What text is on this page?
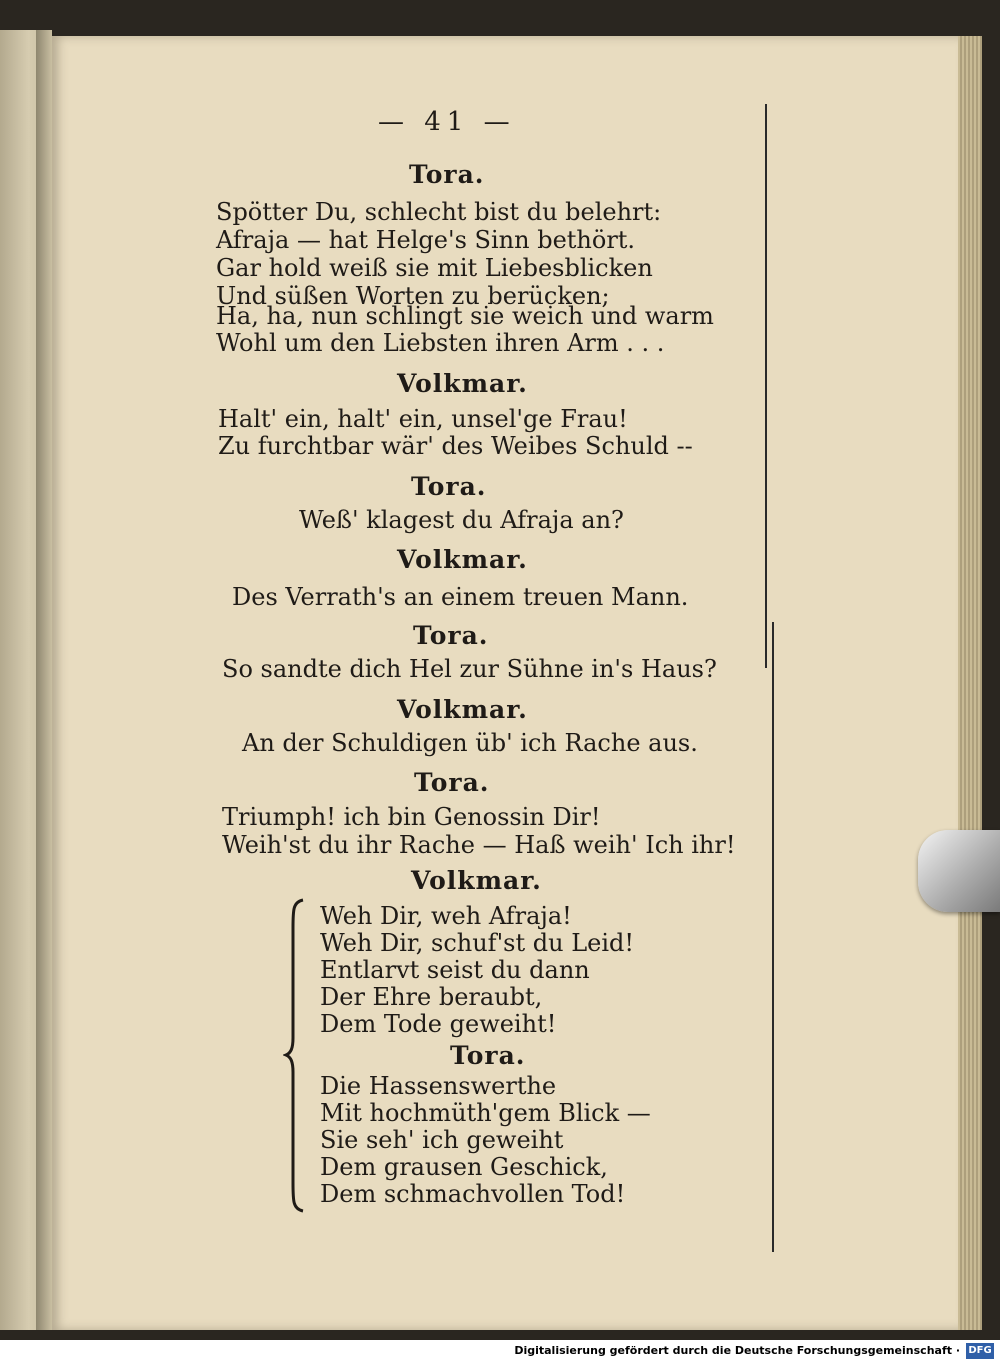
— 41 —
Tora.
Spötter Du, schlecht bist du belehrt:
Afraja — hat Helge's Sinn bethört.
Gar hold weiß sie mit Liebesblicken
Und süßen Worten zu berücken;
Ha, ha, nun schlingt sie weich und warm
Wohl um den Liebsten ihren Arm . . .
Volkmar.
Halt' ein, halt' ein, unsel'ge Frau!
Zu furchtbar wär' des Weibes Schuld --
Tora.
Weß' klagest du Afraja an?
Volkmar.
Des Verrath's an einem treuen Mann.
Tora.
So sandte dich Hel zur Sühne in's Haus?
Volkmar.
An der Schuldigen üb' ich Rache aus.
Tora.
Triumph! ich bin Genossin Dir!
Weih'st du ihr Rache — Haß weih' Ich ihr!
Volkmar.
Weh Dir, weh Afraja!
Weh Dir, schuf'st du Leid!
Entlarvt seist du dann
Der Ehre beraubt,
Dem Tode geweiht!
Tora.
Die Hassenswerthe
Mit hochmüth'gem Blick —
Sie seh' ich geweiht
Dem grausen Geschick,
Dem schmachvollen Tod!
Digitalisierung gefördert durch die Deutsche Forschungsgemeinschaft · DFG
